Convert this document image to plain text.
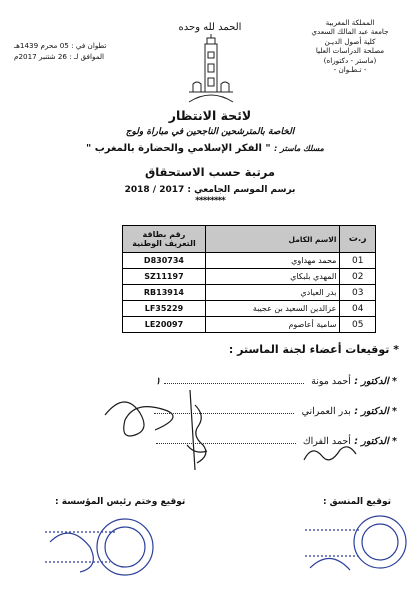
المملكة المغربية
جامعة عبد المالك السعدي
كلية أصول الديـن
مصلحة الدراسات العليا
(ماستر - دكتوراه)
- تـطـوان -
تطوان في : 05 محرم 1439هـ
الموافق لـ : 26 شتنبر 2017م
الحمد لله وحده
لائحة الانتظار
الخاصة بالمترشحين الناجحين في مباراة ولوج
مسلك ماستر : " الفكر الإسلامي والحضارة بالمغرب "
مرتبة حسب الاستحقاق
برسم الموسم الجامعي : 2017 / 2018
********
رقم بطاقة التعريف الوطنية	الاسم الكامل	ر.ت
D830734	محمد مهداوي	01
SZ11197	المهدي بلبكاي	02
RB13914	بدر العيادي	03
LF35229	عزالدين السعيد بن عجيبة	04
LE20097	سامية أعاصوم	05
* توقيعات أعضاء لجنة الماستر :
* الدكتور : أحمد مونة  ١
* الدكتور : بدر العمراني
* الدكتور : أحمد الفراك
توقيع المنسق :
توقيع وختم رئيس المؤسسة :
